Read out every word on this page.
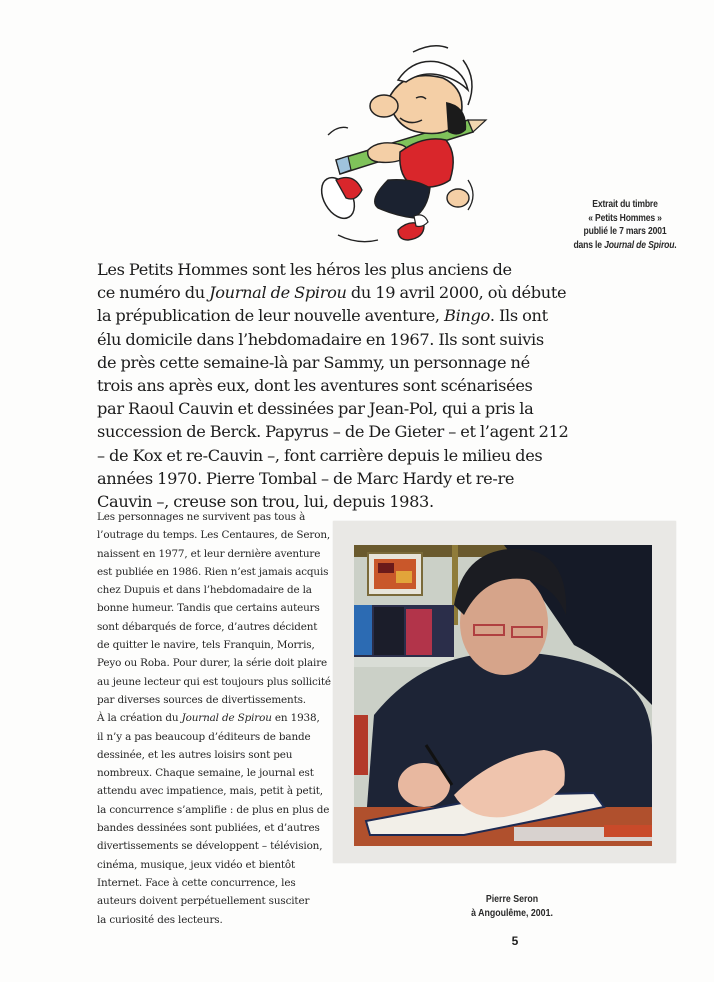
Extrait du timbre
« Petits Hommes »
publié le 7 mars 2001
dans le Journal de Spirou.
Les Petits Hommes sont les héros les plus anciens de
ce numéro du Journal de Spirou du 19 avril 2000, où débute
la prépublication de leur nouvelle aventure, Bingo. Ils ont
élu domicile dans l’hebdomadaire en 1967. Ils sont suivis
de près cette semaine-là par Sammy, un personnage né
trois ans après eux, dont les aventures sont scénarisées
par Raoul Cauvin et dessinées par Jean-Pol, qui a pris la
succession de Berck. Papyrus – de De Gieter – et l’agent 212
– de Kox et re-Cauvin –, font carrière depuis le milieu des
années 1970. Pierre Tombal – de Marc Hardy et re-re
Cauvin –, creuse son trou, lui, depuis 1983.
Les personnages ne survivent pas tous à
l’outrage du temps. Les Centaures, de Seron,
naissent en 1977, et leur dernière aventure
est publiée en 1986. Rien n’est jamais acquis
chez Dupuis et dans l’hebdomadaire de la
bonne humeur. Tandis que certains auteurs
sont débarqués de force, d’autres décident
de quitter le navire, tels Franquin, Morris,
Peyo ou Roba. Pour durer, la série doit plaire
au jeune lecteur qui est toujours plus sollicité
par diverses sources de divertissements.
À la création du Journal de Spirou en 1938,
il n’y a pas beaucoup d’éditeurs de bande
dessinée, et les autres loisirs sont peu
nombreux. Chaque semaine, le journal est
attendu avec impatience, mais, petit à petit,
la concurrence s’amplifie : de plus en plus de
bandes dessinées sont publiées, et d’autres
divertissements se développent – télévision,
cinéma, musique, jeux vidéo et bientôt
Internet. Face à cette concurrence, les
auteurs doivent perpétuellement susciter
la curiosité des lecteurs.
Pierre Seron
à Angoulême, 2001.
5
